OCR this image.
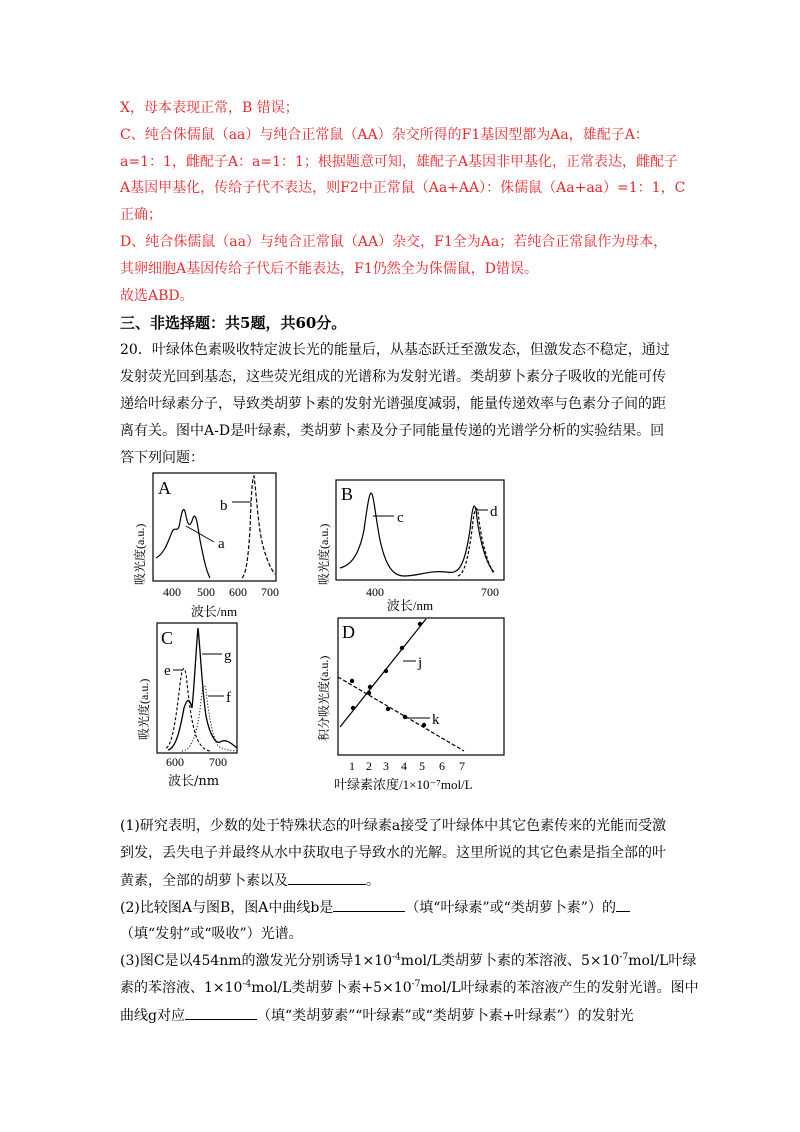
X，母本表现正常，B 错误；
C、纯合侏儒鼠（aa）与纯合正常鼠（AA）杂交所得的F1基因型都为Aa，雄配子A：
a=1：1，雌配子A：a=1：1；根据题意可知，雄配子A基因非甲基化，正常表达，雌配子
A基因甲基化，传给子代不表达，则F2中正常鼠（Aa+AA）：侏儒鼠（Aa+aa）=1：1，C
正确；
D、纯合侏儒鼠（aa）与纯合正常鼠（AA）杂交，F1全为Aa；若纯合正常鼠作为母本，
其卵细胞A基因传给子代后不能表达，F1仍然全为侏儒鼠，D错误。
故选ABD。
三、非选择题：共5题，共60分。
20．叶绿体色素吸收特定波长光的能量后，从基态跃迁至激发态，但激发态不稳定，通过
发射荧光回到基态，这些荧光组成的光谱称为发射光谱。类胡萝卜素分子吸收的光能可传
递给叶绿素分子，导致类胡萝卜素的发射光谱强度减弱，能量传递效率与色素分子间的距
离有关。图中A-D是叶绿素，类胡萝卜素及分子同能量传递的光谱学分析的实验结果。回
答下列问题：
A
吸光度(a.u.)	a
b
400 500 600 700
波长/nm
B
吸光度(a.u.)
c	d
400	700
波长/nm
C
吸光度(a.u.)
g
e
f
600 700
波长/nm
D
积分吸光度(a.u.)	j
k
1 2 3 4 5 6 7
叶绿素浓度/1×10⁻⁷mol/L
(1)研究表明，少数的处于特殊状态的叶绿素a接受了叶绿体中其它色素传来的光能而受激
到发，丢失电子并最终从水中获取电子导致水的光解。这里所说的其它色素是指全部的叶
黄素，全部的胡萝卜素以及	。
(2)比较图A与图B，图A中曲线b是	（填“叶绿素”或“类胡萝卜素”）的
（填“发射”或“吸收”）光谱。
(3)图C是以454nm的激发光分别诱导$1\times 10^{-4}mol/L$类胡萝卜素的苯溶液、$5\times 10^{-7}mol/L$叶绿
素的苯溶液、$1\times 10^{-4}mol/L$类胡萝卜素$+5\times 10^{-7}mol/L$叶绿素的苯溶液产生的发射光谱。图中
曲线g对应	（填“类胡萝素”“叶绿素”或“类胡萝卜素+叶绿素”）的发射光
